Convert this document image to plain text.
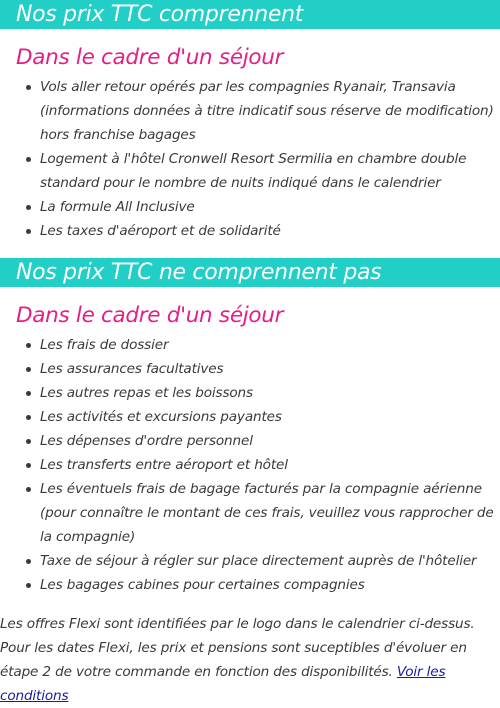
Nos prix TTC comprennent
Dans le cadre d'un séjour
Vols aller retour opérés par les compagnies Ryanair, Transavia (informations données à titre indicatif sous réserve de modification) hors franchise bagages
Logement à l'hôtel Cronwell Resort Sermilia en chambre double standard pour le nombre de nuits indiqué dans le calendrier
La formule All Inclusive
Les taxes d'aéroport et de solidarité
Nos prix TTC ne comprennent pas
Dans le cadre d'un séjour
Les frais de dossier
Les assurances facultatives
Les autres repas et les boissons
Les activités et excursions payantes
Les dépenses d'ordre personnel
Les transferts entre aéroport et hôtel
Les éventuels frais de bagage facturés par la compagnie aérienne (pour connaître le montant de ces frais, veuillez vous rapprocher de la compagnie)
Taxe de séjour à régler sur place directement auprès de l'hôtelier
Les bagages cabines pour certaines compagnies
Les offres Flexi sont identifiées par le logo dans le calendrier ci-dessus. Pour les dates Flexi, les prix et pensions sont suceptibles d'évoluer en étape 2 de votre commande en fonction des disponibilités. Voir les conditions
